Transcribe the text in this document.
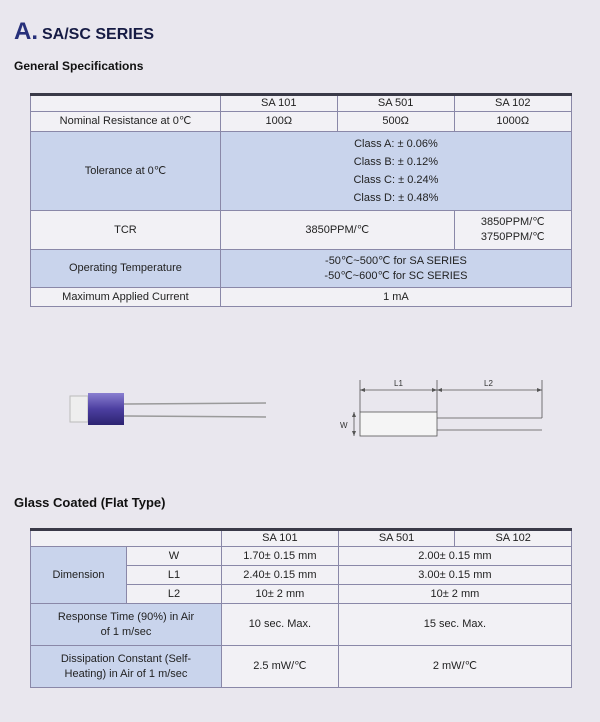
A. SA/SC SERIES
General Specifications
	SA 101	SA 501	SA 102
Nominal Resistance at 0℃	100Ω	500Ω	1000Ω
Tolerance at 0℃	Class A: ± 0.06%
Class B: ± 0.12%
Class C: ± 0.24%
Class D: ± 0.48%		

TCR	3850PPM/℃		3850PPM/℃
3750PPM/℃

Operating Temperature	-50℃~500℃ for SA SERIES
-50℃~600℃ for SC SERIES		

Maximum Applied Current	1 mA		
L1	L2
W
Glass Coated (Flat Type)
		SA 101	SA 501	SA 102
Dimension	W	1.70± 0.15 mm	2.00± 0.15 mm	
	L1	2.40± 0.15 mm	3.00± 0.15 mm	
	L2	10± 2 mm	10± 2 mm	

Response Time (90%) in Air
of 1 m/sec		10 sec. Max.	15 sec. Max.	

Dissipation Constant (Self-
Heating) in Air of 1 m/sec		2.5 mW/℃	2 mW/℃	
